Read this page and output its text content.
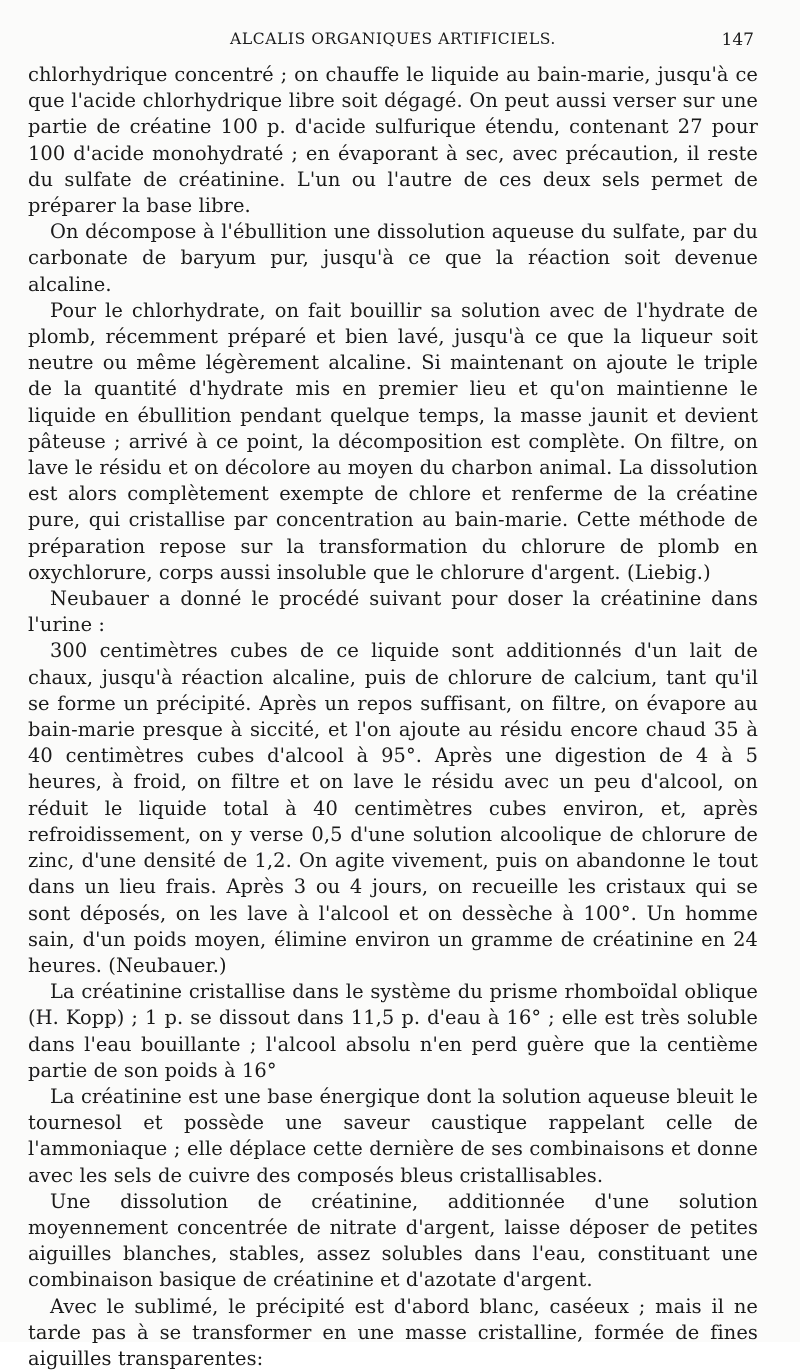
ALCALIS ORGANIQUES ARTIFICIELS.	147

chlorhydrique concentré ; on chauffe le liquide au bain-marie, jusqu'à ce que l'acide chlorhydrique libre soit dégagé. On peut aussi verser sur une partie de créatine 100 p. d'acide sulfurique étendu, contenant 27 pour 100 d'acide monohydraté ; en évaporant à sec, avec précaution, il reste du sulfate de créatinine. L'un ou l'autre de ces deux sels permet de préparer la base libre.

On décompose à l'ébullition une dissolution aqueuse du sulfate, par du carbonate de baryum pur, jusqu'à ce que la réaction soit devenue alcaline.

Pour le chlorhydrate, on fait bouillir sa solution avec de l'hydrate de plomb, récemment préparé et bien lavé, jusqu'à ce que la liqueur soit neutre ou même légèrement alcaline. Si maintenant on ajoute le triple de la quantité d'hydrate mis en premier lieu et qu'on maintienne le liquide en ébullition pendant quelque temps, la masse jaunit et devient pâteuse ; arrivé à ce point, la décomposition est complète. On filtre, on lave le résidu et on décolore au moyen du charbon animal. La dissolution est alors complètement exempte de chlore et renferme de la créatine pure, qui cristallise par concentration au bain-marie. Cette méthode de préparation repose sur la transformation du chlorure de plomb en oxychlorure, corps aussi insoluble que le chlorure d'argent. (Liebig.)

Neubauer a donné le procédé suivant pour doser la créatinine dans l'urine :

300 centimètres cubes de ce liquide sont additionnés d'un lait de chaux, jusqu'à réaction alcaline, puis de chlorure de calcium, tant qu'il se forme un précipité. Après un repos suffisant, on filtre, on évapore au bain-marie presque à siccité, et l'on ajoute au résidu encore chaud 35 à 40 centimètres cubes d'alcool à 95°. Après une digestion de 4 à 5 heures, à froid, on filtre et on lave le résidu avec un peu d'alcool, on réduit le liquide total à 40 centimètres cubes environ, et, après refroidissement, on y verse 0,5 d'une solution alcoolique de chlorure de zinc, d'une densité de 1,2. On agite vivement, puis on abandonne le tout dans un lieu frais. Après 3 ou 4 jours, on recueille les cristaux qui se sont déposés, on les lave à l'alcool et on dessèche à 100°. Un homme sain, d'un poids moyen, élimine environ un gramme de créatinine en 24 heures. (Neubauer.)

La créatinine cristallise dans le système du prisme rhomboïdal oblique (H. Kopp) ; 1 p. se dissout dans 11,5 p. d'eau à 16° ; elle est très soluble dans l'eau bouillante ; l'alcool absolu n'en perd guère que la centième partie de son poids à 16°

La créatinine est une base énergique dont la solution aqueuse bleuit le tournesol et possède une saveur caustique rappelant celle de l'ammoniaque ; elle déplace cette dernière de ses combinaisons et donne avec les sels de cuivre des composés bleus cristallisables.

Une dissolution de créatinine, additionnée d'une solution moyennement concentrée de nitrate d'argent, laisse déposer de petites aiguilles blanches, stables, assez solubles dans l'eau, constituant une combinaison basique de créatinine et d'azotate d'argent.

Avec le sublimé, le précipité est d'abord blanc, caséeux ; mais il ne tarde pas à se transformer en une masse cristalline, formée de fines aiguilles transparentes:
